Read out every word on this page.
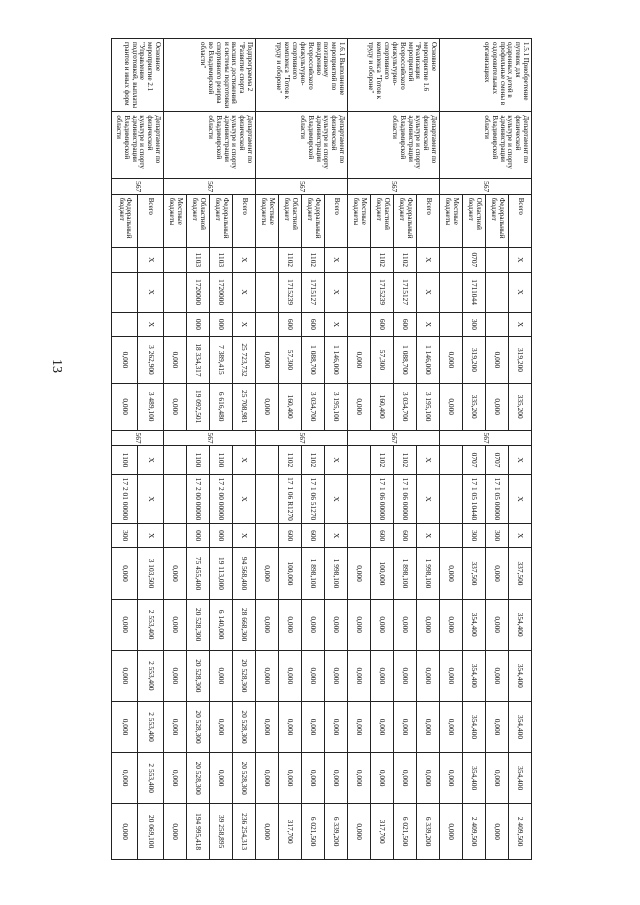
13
1.5.1 Приобретение путевок для одаренных детей в профильные смены в оздоровительных организациях	Департамент по физической культуре и спорту администрации Владимирской области	567	Всего	X	X	X	319,200	335,200	567	X	X	X	337,500	354,400	354,400	354,400	354,400	2 409,500
			Федеральный бюджет				0,000	0,000		0707	17 1 05 00000	300	0,000	0,000	0,000	0,000	0,000	0,000
			Областной бюджет	0707	1711044	300	319,200	335,200		0707	17 1 05 10440	300	337,500	354,400	354,400	354,400	354,400	2 409,500
			Местные бюджеты				0,000	0,000					0,000	0,000	0,000	0,000	0,000	0,000
Основное мероприятие 1.6 "Реализация мероприятий Всероссийского физкультурно-спортивного комплекса "Готов к труду и обороне"	Департамент по физической культуре и спорту администрации Владимирской области	567	Всего	X	X	X	1 146,000	3 195,100	567	X	X	X	1 998,100	0,000	0,000	0,000	0,000	6 339,200
			Федеральный бюджет	1102	1715127	600	1 088,700	3 034,700		1102	17 1 06 00000	600	1 898,100	0,000	0,000	0,000	0,000	6 021,500
			Областной бюджет	1102	1715239	600	57,300	160,400		1102	17 1 06 00000	600	100,000	0,000	0,000	0,000	0,000	317,700
			Местные бюджеты				0,000	0,000					0,000	0,000	0,000	0,000	0,000	0,000
1.6.1 Выполнение мероприятий по поэтапному внедрению Всероссийского физкультурно-спортивного комплекса "Готов к труду и обороне"	Департамент по физической культуре и спорту администрации Владимирской области	567	Всего	X	X	X	1 146,000	3 195,100	567	X	X	X	1 998,100	0,000	0,000	0,000	0,000	6 339,200
			Федеральный бюджет	1102	1715127	600	1 088,700	3 034,700		1102	17 1 06 51270	600	1 898,100	0,000	0,000	0,000	0,000	6 021,500
			Областной бюджет	1102	1715239	600	57,300	160,400		1102	17 1 06 R1270	600	100,000	0,000	0,000	0,000	0,000	317,700
			Местные бюджеты				0,000	0,000					0,000	0,000	0,000	0,000	0,000	0,000
Подпрограмма 2 "Развитие спорта высших достижений и системы подготовки спортивного резерва во Владимирской области"	Департамент по физической культуре и спорту администрации Владимирской области	567	Всего	X	X	X	25 723,732	25 708,981	567	X	X	X	94 568,400	28 668,300	20 528,300	20 528,300	20 528,300	236 254,313
			Федеральный бюджет	1103	1720000	000	7 389,415	6 616,480		1100	17 2 00 00000	000	19 113,000	6 140,000	0,000	0,000	0,000	39 258,895
			Областной бюджет	1103	1720000	000	18 334,317	19 092,501		1100	17 2 00 00000	000	75 455,400	20 528,300	20 528,300	20 528,300	20 528,300	194 995,418
			Местные бюджеты				0,000	0,000					0,000	0,000	0,000	0,000	0,000	0,000
Основное мероприятие 2.1 "Управление подготовкой, выплаты грантов и иных форм	Департамент по физической культуре и спорту администрации Владимирской области	567	Всего	X	X	X	3 262,900	3 489,100	567	X	X	X	3 103,500	2 553,400	2 553,400	2 553,400	2 553,400	20 069,100
			Федеральный бюджет				0,000	0,000		1100	17 2 01 00000	300	0,000	0,000	0,000	0,000	0,000	0,000
